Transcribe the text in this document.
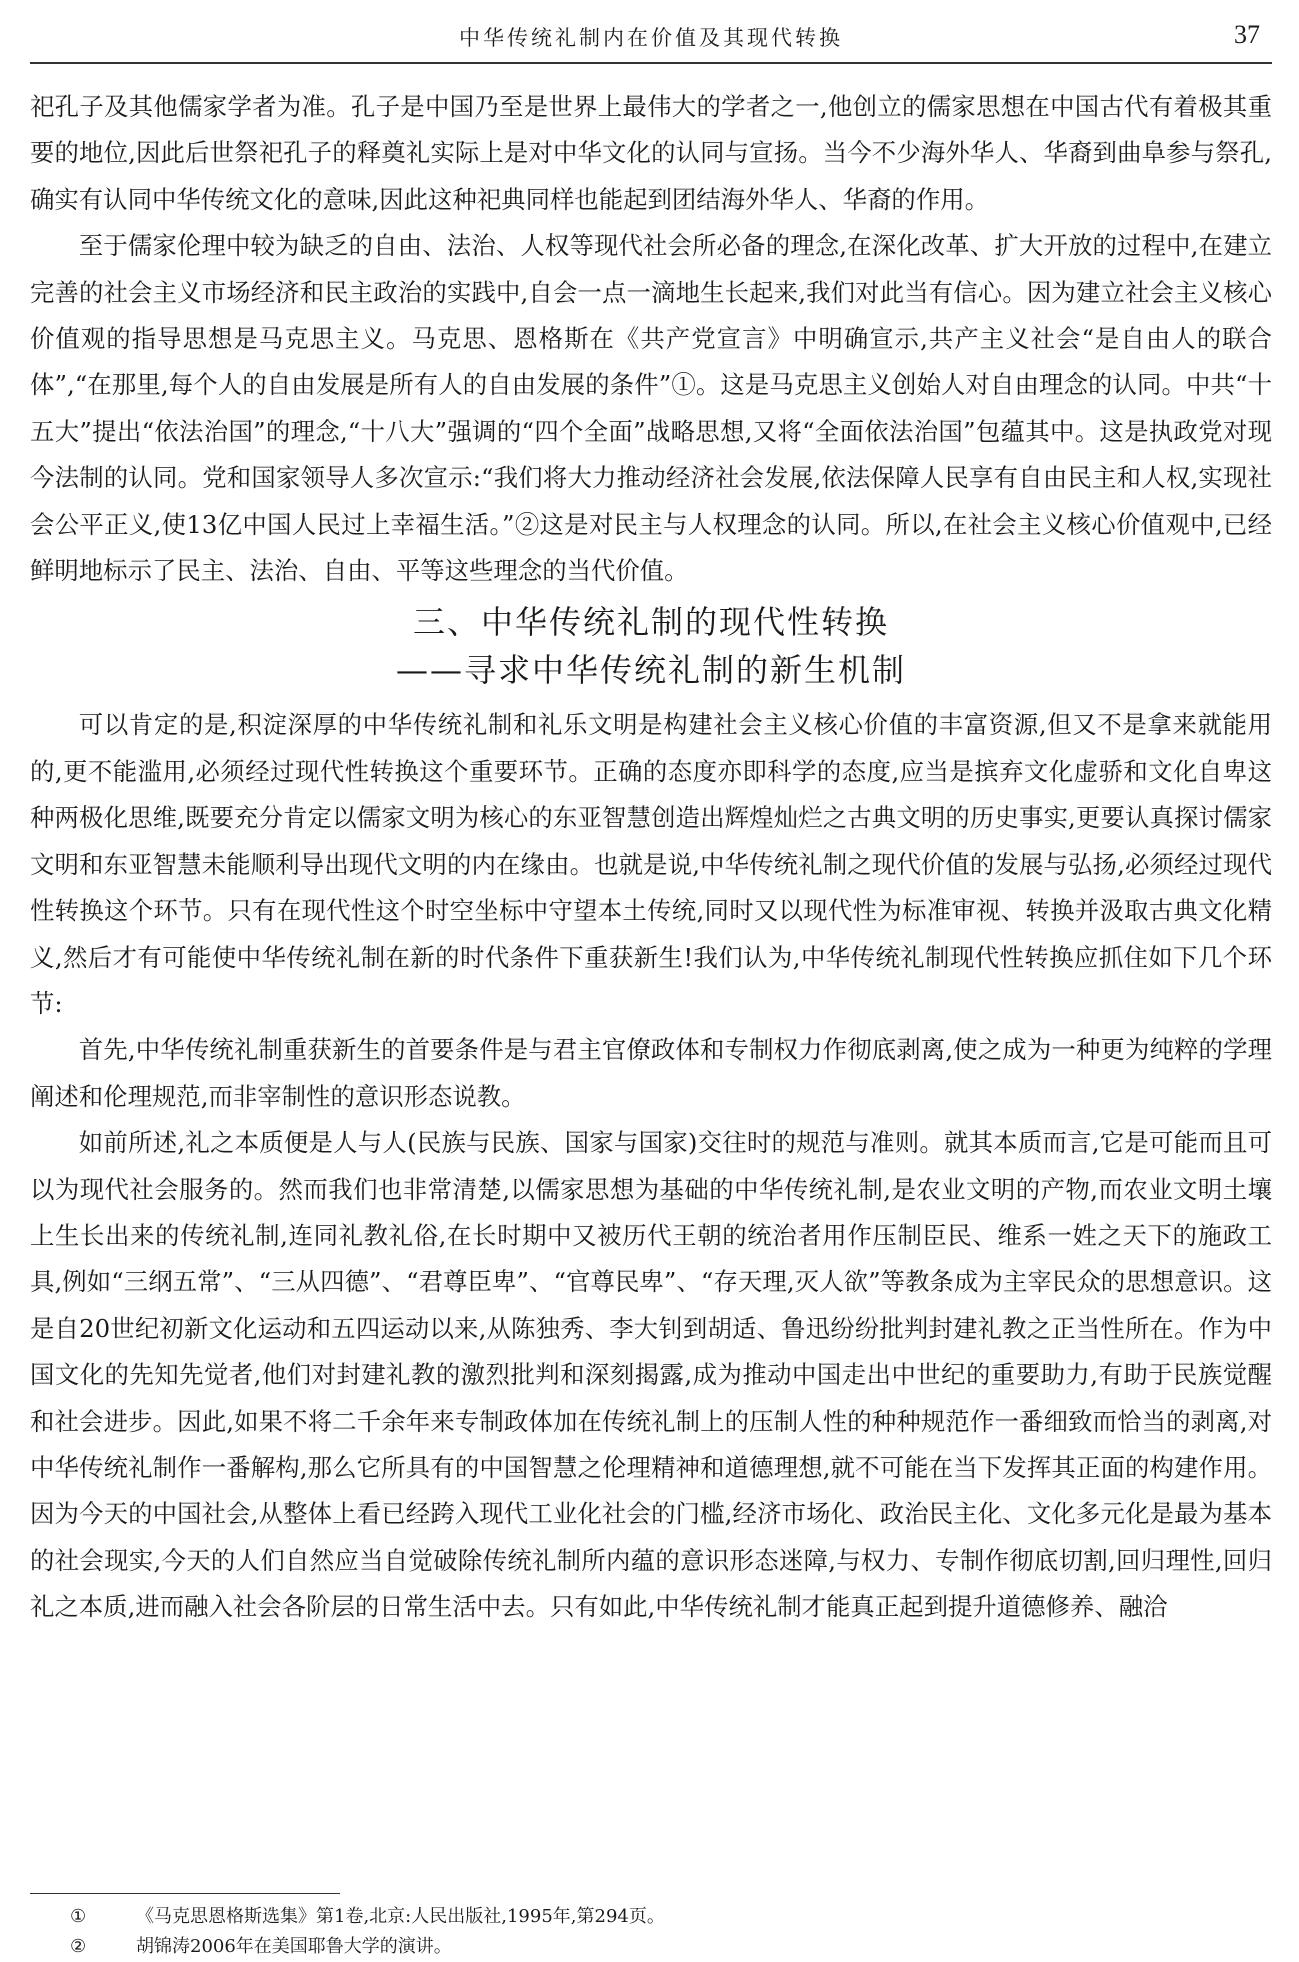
中华传统礼制内在价值及其现代转换	37

祀孔子及其他儒家学者为准。孔子是中国乃至是世界上最伟大的学者之一,他创立的儒家思想在中国古代有着极其重要的地位,因此后世祭祀孔子的释奠礼实际上是对中华文化的认同与宣扬。当今不少海外华人、华裔到曲阜参与祭孔,确实有认同中华传统文化的意味,因此这种祀典同样也能起到团结海外华人、华裔的作用。

至于儒家伦理中较为缺乏的自由、法治、人权等现代社会所必备的理念,在深化改革、扩大开放的过程中,在建立完善的社会主义市场经济和民主政治的实践中,自会一点一滴地生长起来,我们对此当有信心。因为建立社会主义核心价值观的指导思想是马克思主义。马克思、恩格斯在《共产党宣言》中明确宣示,共产主义社会“是自由人的联合体”,“在那里,每个人的自由发展是所有人的自由发展的条件”①。这是马克思主义创始人对自由理念的认同。中共“十五大”提出“依法治国”的理念,“十八大”强调的“四个全面”战略思想,又将“全面依法治国”包蕴其中。这是执政党对现今法制的认同。党和国家领导人多次宣示:“我们将大力推动经济社会发展,依法保障人民享有自由民主和人权,实现社会公平正义,使13亿中国人民过上幸福生活。”②这是对民主与人权理念的认同。所以,在社会主义核心价值观中,已经鲜明地标示了民主、法治、自由、平等这些理念的当代价值。

三、中华传统礼制的现代性转换
——寻求中华传统礼制的新生机制

可以肯定的是,积淀深厚的中华传统礼制和礼乐文明是构建社会主义核心价值的丰富资源,但又不是拿来就能用的,更不能滥用,必须经过现代性转换这个重要环节。正确的态度亦即科学的态度,应当是摈弃文化虚骄和文化自卑这种两极化思维,既要充分肯定以儒家文明为核心的东亚智慧创造出辉煌灿烂之古典文明的历史事实,更要认真探讨儒家文明和东亚智慧未能顺利导出现代文明的内在缘由。也就是说,中华传统礼制之现代价值的发展与弘扬,必须经过现代性转换这个环节。只有在现代性这个时空坐标中守望本土传统,同时又以现代性为标准审视、转换并汲取古典文化精义,然后才有可能使中华传统礼制在新的时代条件下重获新生!我们认为,中华传统礼制现代性转换应抓住如下几个环节:

首先,中华传统礼制重获新生的首要条件是与君主官僚政体和专制权力作彻底剥离,使之成为一种更为纯粹的学理阐述和伦理规范,而非宰制性的意识形态说教。

如前所述,礼之本质便是人与人(民族与民族、国家与国家)交往时的规范与准则。就其本质而言,它是可能而且可以为现代社会服务的。然而我们也非常清楚,以儒家思想为基础的中华传统礼制,是农业文明的产物,而农业文明土壤上生长出来的传统礼制,连同礼教礼俗,在长时期中又被历代王朝的统治者用作压制臣民、维系一姓之天下的施政工具,例如“三纲五常”、“三从四德”、“君尊臣卑”、“官尊民卑”、“存天理,灭人欲”等教条成为主宰民众的思想意识。这是自20世纪初新文化运动和五四运动以来,从陈独秀、李大钊到胡适、鲁迅纷纷批判封建礼教之正当性所在。作为中国文化的先知先觉者,他们对封建礼教的激烈批判和深刻揭露,成为推动中国走出中世纪的重要助力,有助于民族觉醒和社会进步。因此,如果不将二千余年来专制政体加在传统礼制上的压制人性的种种规范作一番细致而恰当的剥离,对中华传统礼制作一番解构,那么它所具有的中国智慧之伦理精神和道德理想,就不可能在当下发挥其正面的构建作用。因为今天的中国社会,从整体上看已经跨入现代工业化社会的门槛,经济市场化、政治民主化、文化多元化是最为基本的社会现实,今天的人们自然应当自觉破除传统礼制所内蕴的意识形态迷障,与权力、专制作彻底切割,回归理性,回归礼之本质,进而融入社会各阶层的日常生活中去。只有如此,中华传统礼制才能真正起到提升道德修养、融洽

①	《马克思恩格斯选集》第1卷,北京:人民出版社,1995年,第294页。
②	胡锦涛2006年在美国耶鲁大学的演讲。
